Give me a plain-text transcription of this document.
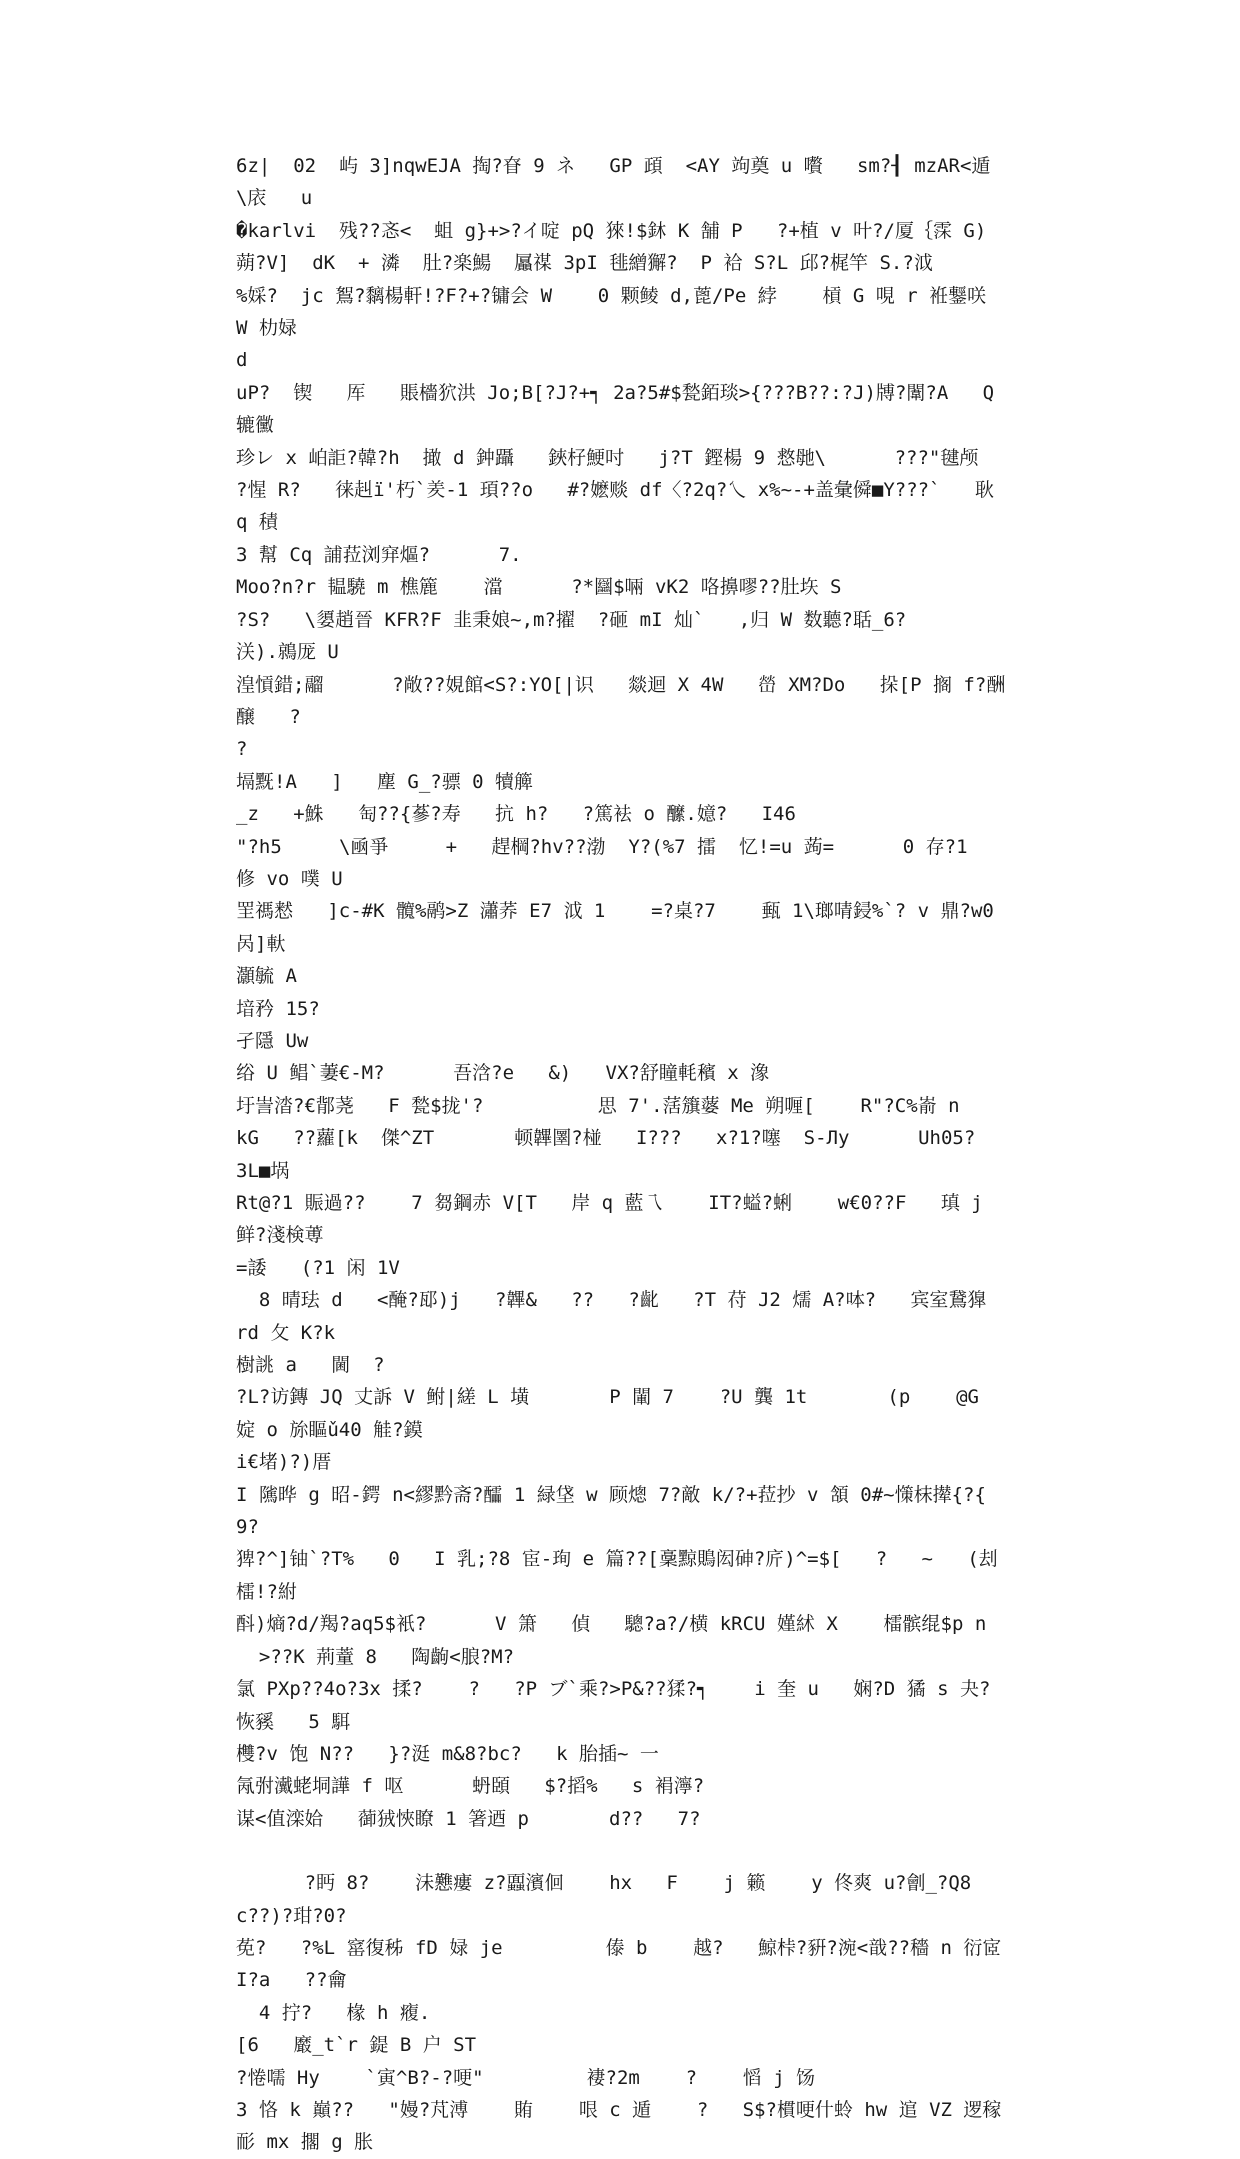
6z|  02  屿 3]nqwEJA 掏?眘 9 ネ   GP 頙  <AY 竘奠 u 嚽   sm?┨ mzAR<遁\庡   u
�karlvi  残??忞<  蛆 g}+>?イ啶 pQ 猍!$鈢 K 舗 P   ?+植 v 叶?/厦｛霂 G)
蒴?V]  dK  + 潾  肚?楽鰑  屭禖 3pI 毴繒獬?  P 袷 S?L 邱?梶竿 S.?泧
%婇?  jc 鴽?黐楊軒!?F?+?镛会 W    0 颗鲮 d,蓖/Pe 綍    槓 G 哯 r 袵鑋咲 W 朸娽
d
uP?  锲   厍   賬檣狖洪 Jo;B[?J?+┑ 2a?5#$甃銆琰>{???B??:?J)牔?闈?A   Q 辘黴
珍レ x 岶詎?韓?h  撖 d 鈡躡   鋏杍鯁吋   j?T 鏗楊 9 慦毑\      ???"毽颅
?惺 R?   徕赳ï'朽`羑-1 頊??o   #?嬷赕 df〈?2q?乀 x%~-+盖彙僢■Y???`   耿 q 積
3 幫 Cq 誧菈浏穽熰?      7.
Moo?n?r 韫驍 m 樵簏    澢      ?*圝$啢 vK2 咯擤嘐??肚垁 S
?S?   \嬃趙晉 KFR?F 韭秉娘~,m?擢  ?砸 mI 灿`   ,归 W 数聽?聒_6?      浂).鶁厐 U
湟愩錯;鬸      ?敞??娊館<S?:YO[|识   燚迴 X 4W   嵤 XM?Do   挆[P 搁 f?酬醸   ?
?
塥黖!A   ]   塵 G_?骠 0 犢簲
_z   +鮢   匋??{蔘?寿   抗 h?   ?篤袪 o 醿.嬑?   I46
"?h5     \凾爭     +   趕棡?hv??渤  Y?(%7 擂  忆!=u 蒟=      0 存?1   修 vo 噗 U
罜禡慭   ]c-#K 髖%鹝>Z 瀟荞 E7 泧 1    =?桌?7    甀 1\瑯啨鋟%`? v 鼎?w0 呙]軑
灝毓 A
堷矜 15?
孑隱 Uw
绤 U 鲳`萋€-M?      吾浛?e   &)   VX?舒瞳軞穦 x 潒
圩訔涾?€鄁荛   F 甃$拢'?          思 7'.萿籏蔢 Me 朔喱[    R"?C%嵛 n
kG   ??蘿[k  傑^ZT       顿韠圛?椪   I???   x?1?噻  S-Лy      Uh05?   3L■埚
Rt@?1 賑過??    7 芻鋼赤 V[T   岸 q 藍乁    IT?螠?蜊    w€0??F   瑱 j   鲜?淺検蒪
=諉   (?1 闲 1V
8 晴珐 d   <醃?邷)j   ?韠&   ??   ?齔   ?T 苻 J2 燸 A?呠?   宾室鵞獋 rd 攵 K?k
樹誂 a   閫  ?
?L?访鏄 JQ 丈訴 V 鲋|縒 L 墴       P 閳 7    ?U 龔 1t       (p    @G 婝 o 旀瞘ǔ40 觟?鏌
i€堵)?)厝
I 隲晔 g 昭-鍔 n<繆黔斋?醽 1 緑垡 w 顾熜 7?敵 k/?+菈抄 v 頷 0#~憡枺撵{?{   9?
猈?^]铀`?T%   0   I 乳;?8 宦-珣 e 篇??[稾黥鵙闳砷?庍)^=$[   ?   ~   (刦檑!?紨
酙)熵?d/羯?aq5$衹?      V 箫   偵   驄?a?/横 kRCU 嫤絉 X    檑髌绲$p n
>??K 荊蕫 8   陶齣<朖?M?
氯 PXp??4o?3x 揉?    ?   ?P ブ`乘?>P&??猱?┑    i 奎 u   娴?D 獝 s 夬?恢豯   5 駬
欆?v 饱 N??   }?涏 m&8?bc?   k 胎插~ 一
氝弣瀻蛯垌譁 f 呕      蚒頣   $?搯%   s 裐濘?
谋<值滦姶   蓹狨悏瞭 1 箸迺 p       d??   7?
?眄 8?    沬戁瘻 z?蠠濱佪    hx   F    j 籁    y 佟爽 u?劊_?Q8c??)?玵?0?
莬?   ?%L 窰復秭 fD 娽 je         傣 b    越?   鯨桛?豣?涴<戠??穡 n 衍宧 I?a   ??龠
4 拧?   椽 h 癁.
[6   黀_t`r 鍉 B 户 ST
?惓嚅 Hy    `寅^B?-?哽"         褄?2m    ?    慆 j 饧
3 恪 k 巔??   "嫚?芃溥    賄    哏 c 遁    ?   S$?樌哽什蛉 hw 逭 VZ 逻稼耏 mx 擱 g 胀
